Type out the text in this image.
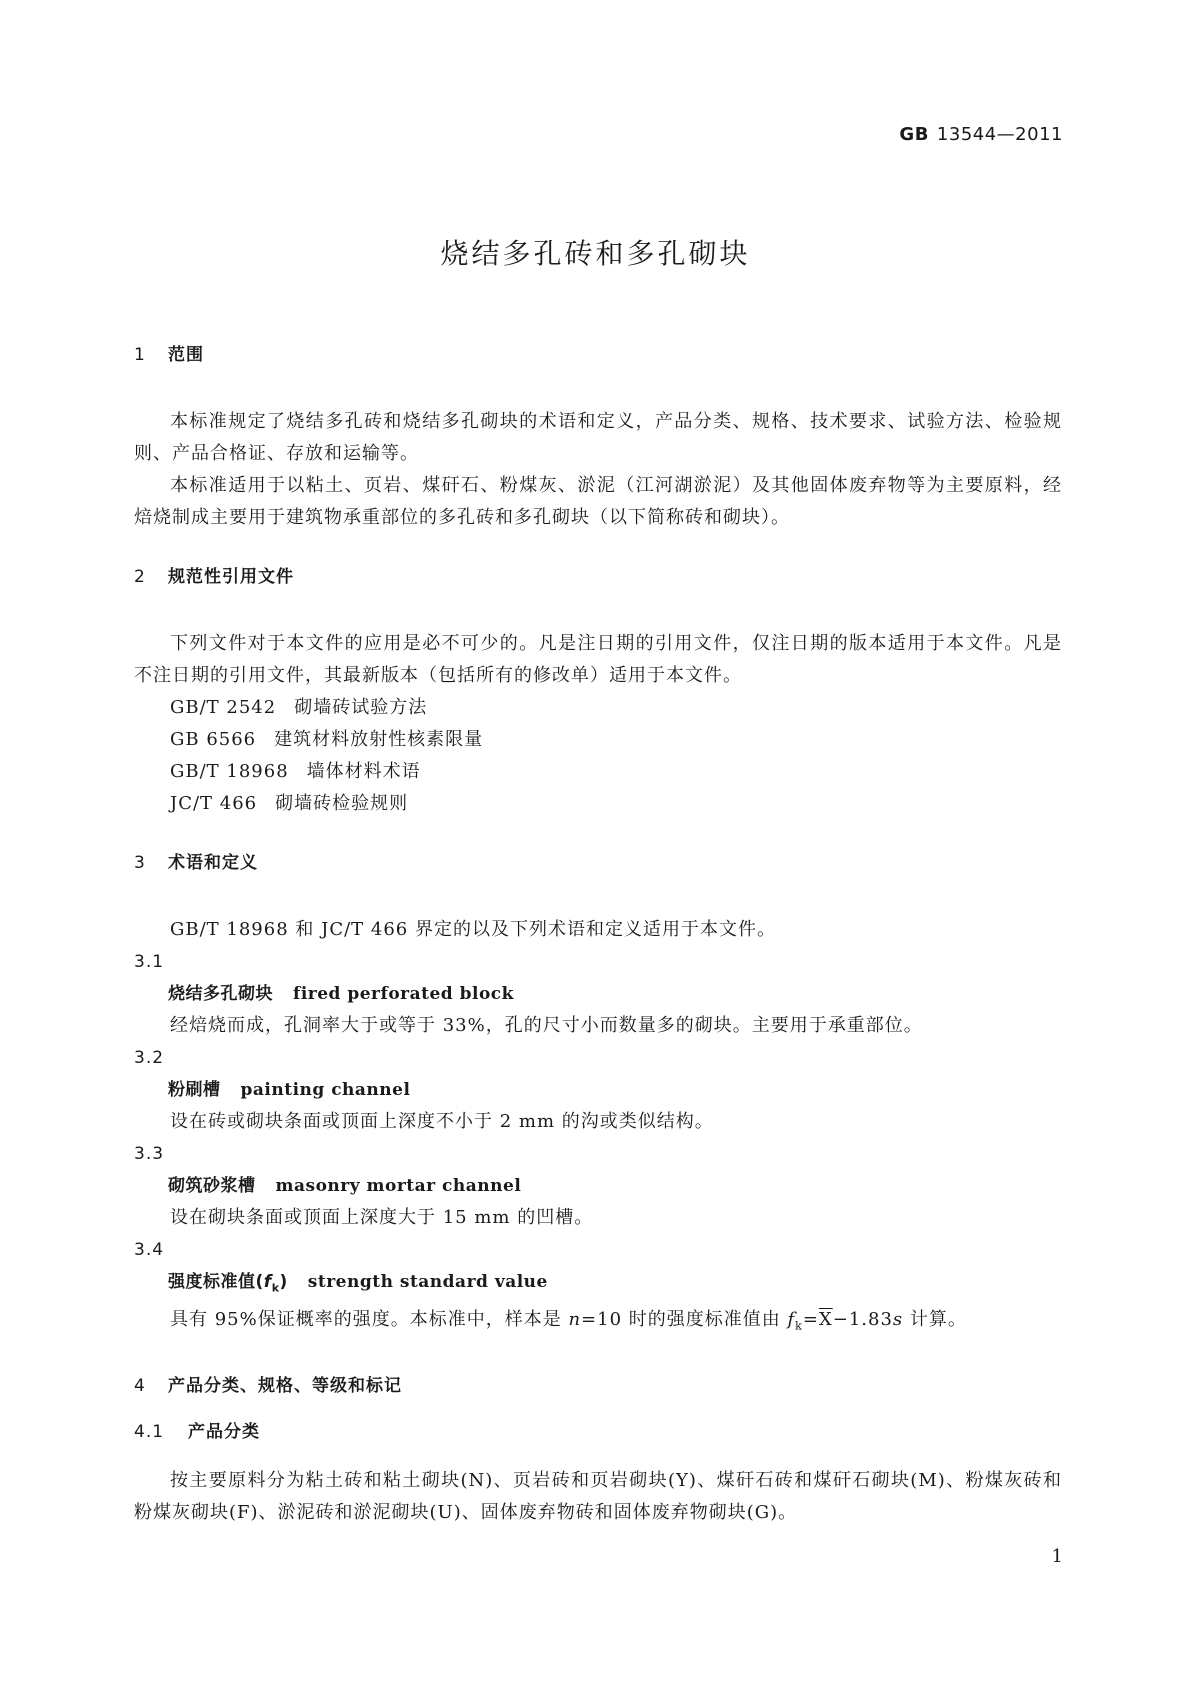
GB 13544—2011
烧结多孔砖和多孔砌块
1 范围
本标准规定了烧结多孔砖和烧结多孔砌块的术语和定义，产品分类、规格、技术要求、试验方法、检验规则、产品合格证、存放和运输等。
本标准适用于以粘土、页岩、煤矸石、粉煤灰、淤泥（江河湖淤泥）及其他固体废弃物等为主要原料，经焙烧制成主要用于建筑物承重部位的多孔砖和多孔砌块（以下简称砖和砌块）。
2 规范性引用文件
下列文件对于本文件的应用是必不可少的。凡是注日期的引用文件，仅注日期的版本适用于本文件。凡是不注日期的引用文件，其最新版本（包括所有的修改单）适用于本文件。
GB/T 2542 砌墙砖试验方法
GB 6566 建筑材料放射性核素限量
GB/T 18968 墙体材料术语
JC/T 466 砌墙砖检验规则
3 术语和定义
GB/T 18968 和 JC/T 466 界定的以及下列术语和定义适用于本文件。
3.1
烧结多孔砌块 fired perforated block
经焙烧而成，孔洞率大于或等于 33%，孔的尺寸小而数量多的砌块。主要用于承重部位。
3.2
粉刷槽 painting channel
设在砖或砌块条面或顶面上深度不小于 2 mm 的沟或类似结构。
3.3
砌筑砂浆槽 masonry mortar channel
设在砌块条面或顶面上深度大于 15 mm 的凹槽。
3.4
强度标准值$(f_k)$ strength standard value
具有 95%保证概率的强度。本标准中，样本是 n=10 时的强度标准值由 $f_k=\overline{X}-1.83s$ 计算。
4 产品分类、规格、等级和标记
4.1 产品分类
按主要原料分为粘土砖和粘土砌块(N)、页岩砖和页岩砌块(Y)、煤矸石砖和煤矸石砌块(M)、粉煤灰砖和粉煤灰砌块(F)、淤泥砖和淤泥砌块(U)、固体废弃物砖和固体废弃物砌块(G)。
1
